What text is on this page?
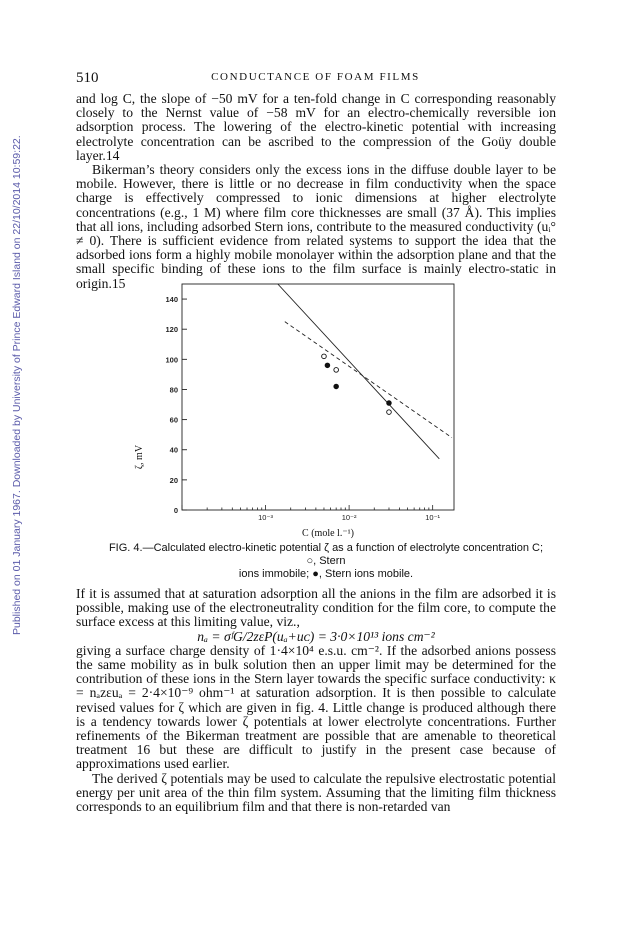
Published on 01 January 1967. Downloaded by University of Prince Edward Island on 22/10/2014 10:59:22.
510	CONDUCTANCE OF FOAM FILMS

and log C, the slope of −50 mV for a ten-fold change in C corresponding reasonably closely to the Nernst value of −58 mV for an electro-chemically reversible ion adsorption process. The lowering of the electro-kinetic potential with increasing electrolyte concentration can be ascribed to the compression of the Goüy double layer.14

Bikerman’s theory considers only the excess ions in the diffuse double layer to be mobile. However, there is little or no decrease in film conductivity when the space charge is effectively compressed to ionic dimensions at higher electrolyte concentrations (e.g., 1 M) where film core thicknesses are small (37 Å). This implies that all ions, including adsorbed Stern ions, contribute to the measured conductivity (uᵢ° ≠ 0). There is sufficient evidence from related systems to support the idea that the adsorbed ions form a highly mobile monolayer within the adsorption plane and that the small specific binding of these ions to the film surface is mainly electro-static in origin.15

0
20
40
60
80
100
120
140
10⁻³	10⁻²	10⁻¹
C (mole l.⁻¹)
ζ, mV
FIG. 4.—Calculated electro-kinetic potential ζ as a function of electrolyte concentration C; ○, Stern
ions immobile; ●, Stern ions mobile.

If it is assumed that at saturation adsorption all the anions in the film are adsorbed it is possible, making use of the electroneutrality condition for the film core, to compute the surface excess at this limiting value, viz.,

nₐ = σᶠG/2zεP(uₐ+uᴄ) = 3·0×10¹³ ions cm⁻²

giving a surface charge density of 1·4×10⁴ e.s.u. cm⁻². If the adsorbed anions possess the same mobility as in bulk solution then an upper limit may be determined for the contribution of these ions in the Stern layer towards the specific surface conductivity: κ = nₐzεuₐ = 2·4×10⁻⁹ ohm⁻¹ at saturation adsorption. It is then possible to calculate revised values for ζ which are given in fig. 4. Little change is produced although there is a tendency towards lower ζ potentials at lower electrolyte concentrations. Further refinements of the Bikerman treatment are possible that are amenable to theoretical treatment 16 but these are difficult to justify in the present case because of approximations used earlier.

The derived ζ potentials may be used to calculate the repulsive electrostatic potential energy per unit area of the thin film system. Assuming that the limiting film thickness corresponds to an equilibrium film and that there is non-retarded van
